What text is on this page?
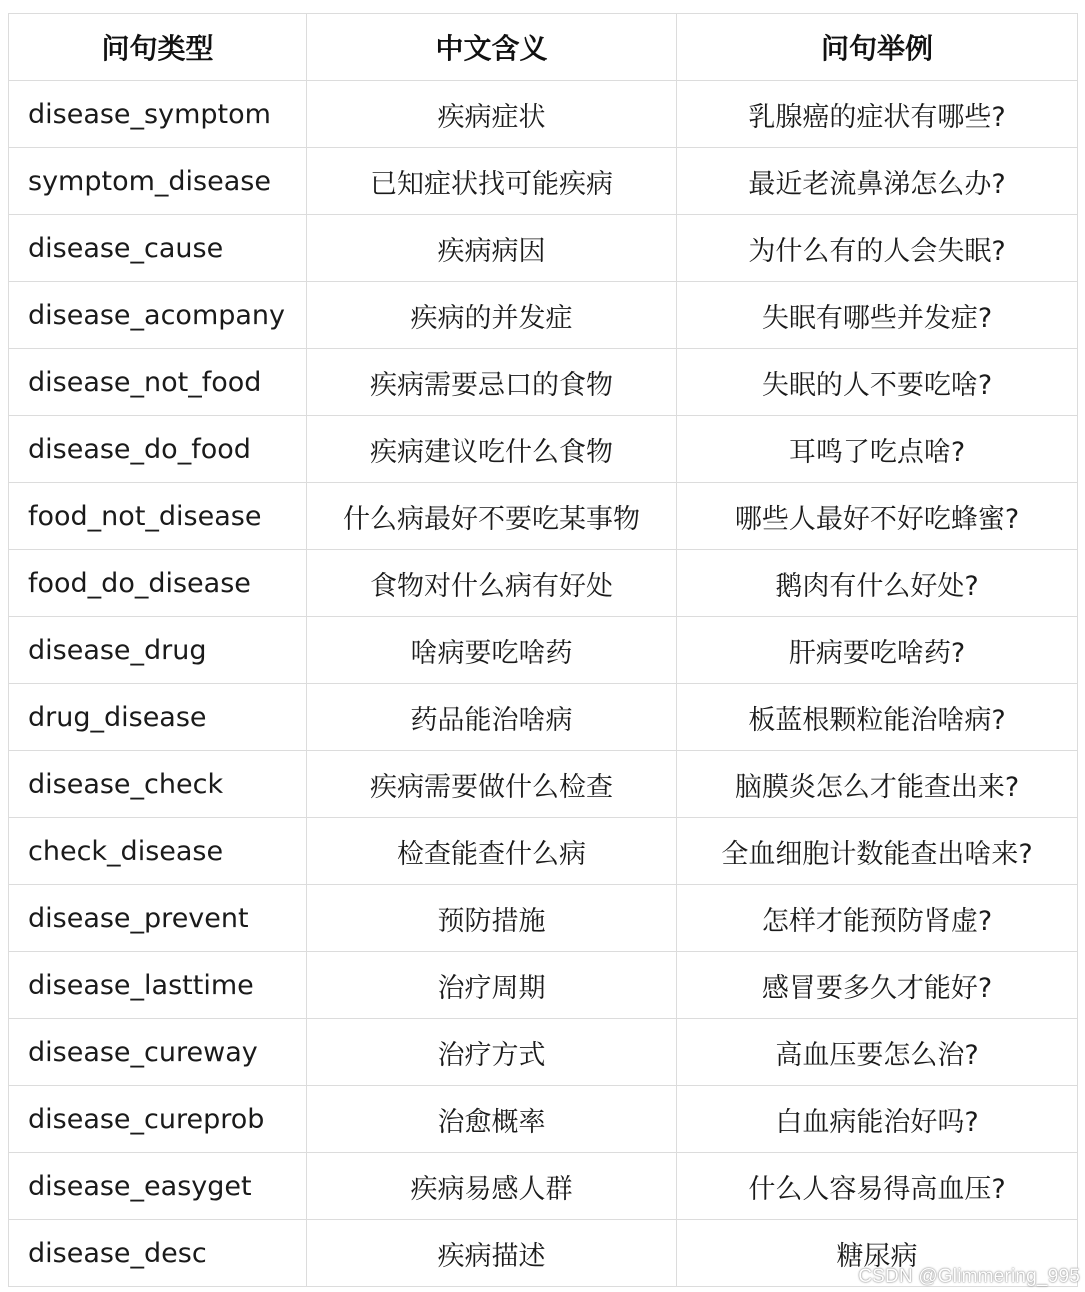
问句类型	中文含义	问句举例
disease_symptom	疾病症状	乳腺癌的症状有哪些?
symptom_disease	已知症状找可能疾病	最近老流鼻涕怎么办?
disease_cause	疾病病因	为什么有的人会失眠?
disease_acompany	疾病的并发症	失眠有哪些并发症?
disease_not_food	疾病需要忌口的食物	失眠的人不要吃啥?
disease_do_food	疾病建议吃什么食物	耳鸣了吃点啥?
food_not_disease	什么病最好不要吃某事物	哪些人最好不好吃蜂蜜?
food_do_disease	食物对什么病有好处	鹅肉有什么好处?
disease_drug	啥病要吃啥药	肝病要吃啥药?
drug_disease	药品能治啥病	板蓝根颗粒能治啥病?
disease_check	疾病需要做什么检查	脑膜炎怎么才能查出来?
check_disease	检查能查什么病	全血细胞计数能查出啥来?
disease_prevent	预防措施	怎样才能预防肾虚?
disease_lasttime	治疗周期	感冒要多久才能好?
disease_cureway	治疗方式	高血压要怎么治?
disease_cureprob	治愈概率	白血病能治好吗?
disease_easyget	疾病易感人群	什么人容易得高血压?
disease_desc	疾病描述	糖尿病
CSDN @Glimmering_995
